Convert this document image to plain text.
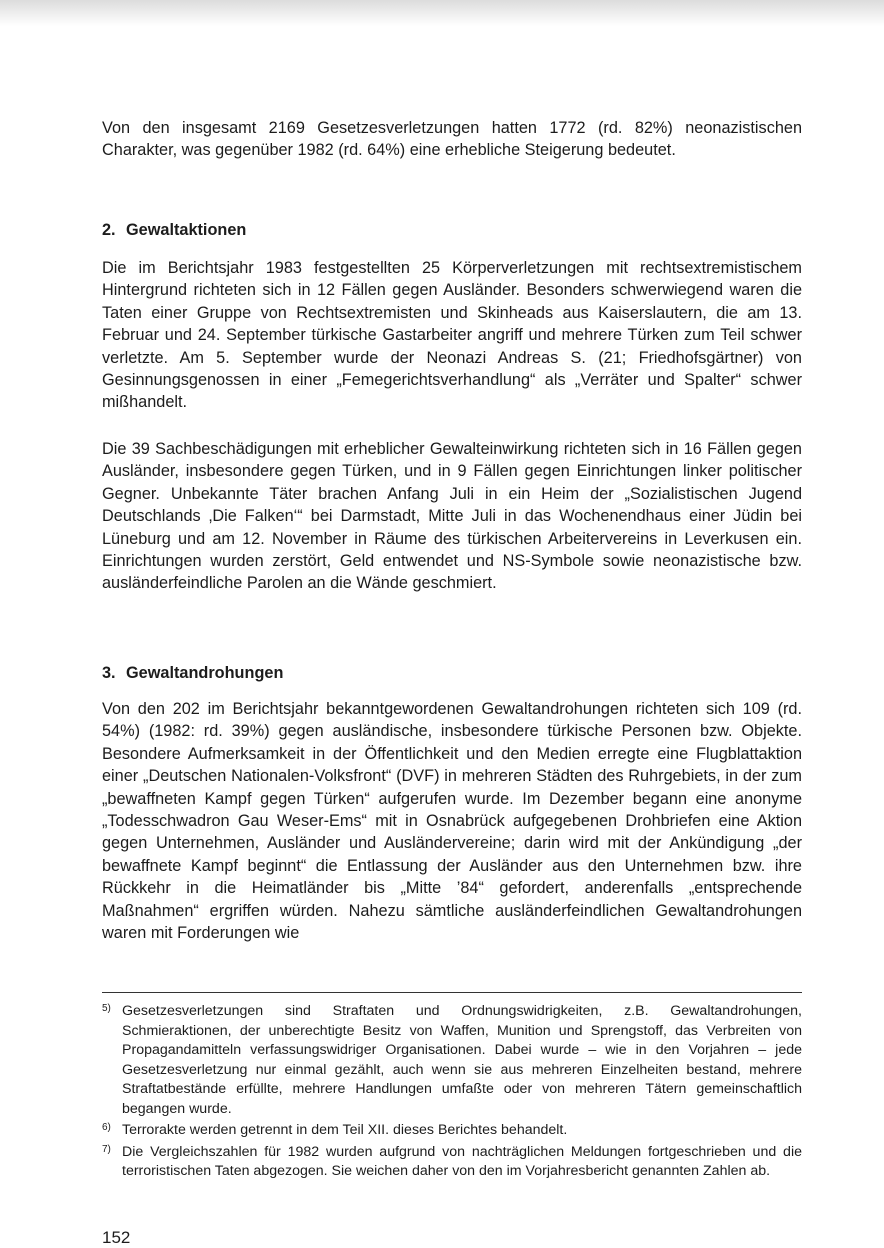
Von den insgesamt 2169 Gesetzesverletzungen hatten 1772 (rd. 82%) neonazistischen Charakter, was gegenüber 1982 (rd. 64%) eine erhebliche Steigerung bedeutet.

2. Gewaltaktionen

Die im Berichtsjahr 1983 festgestellten 25 Körperverletzungen mit rechtsextremistischem Hintergrund richteten sich in 12 Fällen gegen Ausländer. Besonders schwerwiegend waren die Taten einer Gruppe von Rechtsextremisten und Skinheads aus Kaiserslautern, die am 13. Februar und 24. September türkische Gastarbeiter angriff und mehrere Türken zum Teil schwer verletzte. Am 5. September wurde der Neonazi Andreas S. (21; Friedhofsgärtner) von Gesinnungsgenossen in einer „Femegerichtsverhandlung“ als „Verräter und Spalter“ schwer mißhandelt.

Die 39 Sachbeschädigungen mit erheblicher Gewalteinwirkung richteten sich in 16 Fällen gegen Ausländer, insbesondere gegen Türken, und in 9 Fällen gegen Einrichtungen linker politischer Gegner. Unbekannte Täter brachen Anfang Juli in ein Heim der „Sozialistischen Jugend Deutschlands ‚Die Falken‘“ bei Darmstadt, Mitte Juli in das Wochenendhaus einer Jüdin bei Lüneburg und am 12. November in Räume des türkischen Arbeitervereins in Leverkusen ein. Einrichtungen wurden zerstört, Geld entwendet und NS-Symbole sowie neonazistische bzw. ausländerfeindliche Parolen an die Wände geschmiert.

3. Gewaltandrohungen

Von den 202 im Berichtsjahr bekanntgewordenen Gewaltandrohungen richteten sich 109 (rd. 54%) (1982: rd. 39%) gegen ausländische, insbesondere türkische Personen bzw. Objekte. Besondere Aufmerksamkeit in der Öffentlichkeit und den Medien erregte eine Flugblattaktion einer „Deutschen Nationalen-Volksfront“ (DVF) in mehreren Städten des Ruhrgebiets, in der zum „bewaffneten Kampf gegen Türken“ aufgerufen wurde. Im Dezember begann eine anonyme „Todesschwadron Gau Weser-Ems“ mit in Osnabrück aufgegebenen Drohbriefen eine Aktion gegen Unternehmen, Ausländer und Ausländervereine; darin wird mit der Ankündigung „der bewaffnete Kampf beginnt“ die Entlassung der Ausländer aus den Unternehmen bzw. ihre Rückkehr in die Heimatländer bis „Mitte ’84“ gefordert, anderenfalls „entsprechende Maßnahmen“ ergriffen würden. Nahezu sämtliche ausländerfeindlichen Gewaltandrohungen waren mit Forderungen wie

5) Gesetzesverletzungen sind Straftaten und Ordnungswidrigkeiten, z.B. Gewaltandrohungen, Schmieraktionen, der unberechtigte Besitz von Waffen, Munition und Sprengstoff, das Verbreiten von Propagandamitteln verfassungswidriger Organisationen. Dabei wurde – wie in den Vorjahren – jede Gesetzesverletzung nur einmal gezählt, auch wenn sie aus mehreren Einzelheiten bestand, mehrere Straftatbestände erfüllte, mehrere Handlungen umfaßte oder von mehreren Tätern gemeinschaftlich begangen wurde.
6) Terrorakte werden getrennt in dem Teil XII. dieses Berichtes behandelt.
7) Die Vergleichszahlen für 1982 wurden aufgrund von nachträglichen Meldungen fortgeschrieben und die terroristischen Taten abgezogen. Sie weichen daher von den im Vorjahresbericht genannten Zahlen ab.
152
